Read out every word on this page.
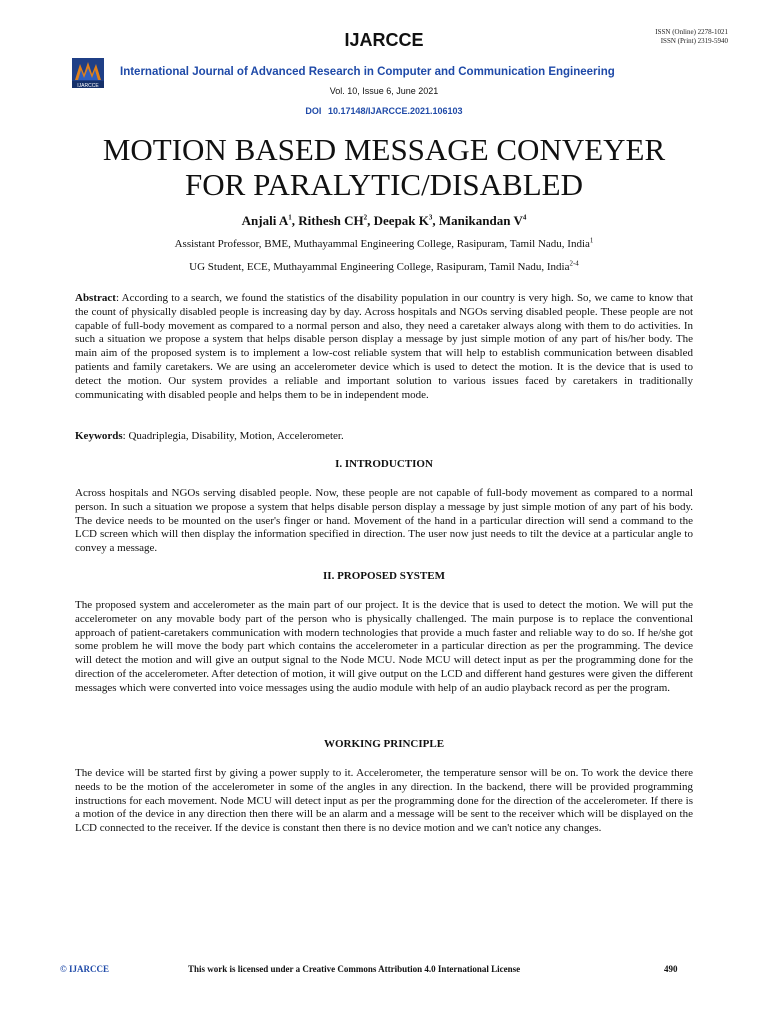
IJARCCE	ISSN (Online) 2278-1021
ISSN (Print) 2319-5940
IJARCCE
International Journal of Advanced Research in Computer and Communication Engineering
Vol. 10, Issue 6, June 2021
DOI 10.17148/IJARCCE.2021.106103
MOTION BASED MESSAGE CONVEYER
FOR PARALYTIC/DISABLED
Anjali $A^1$, Rithesh $CH^2$, Deepak $K^3$, Manikandan $V^4$
Assistant Professor, BME, Muthayammal Engineering College, Rasipuram, Tamil Nadu, India$^1$
UG Student, ECE, Muthayammal Engineering College, Rasipuram, Tamil Nadu, India$^{2-4}$
Abstract: According to a search, we found the statistics of the disability population in our country is very high. So, we came to know that the count of physically disabled people is increasing day by day. Across hospitals and NGOs serving disabled people. These people are not capable of full-body movement as compared to a normal person and also, they need a caretaker always along with them to do activities. In such a situation we propose a system that helps disable person display a message by just simple motion of any part of his/her body. The main aim of the proposed system is to implement a low-cost reliable system that will help to establish communication between disabled patients and family caretakers. We are using an accelerometer device which is used to detect the motion. It is the device that is used to detect the motion. Our system provides a reliable and important solution to various issues faced by caretakers in traditionally communicating with disabled people and helps them to be in independent mode.
Keywords: Quadriplegia, Disability, Motion, Accelerometer.
I. INTRODUCTION
Across hospitals and NGOs serving disabled people. Now, these people are not capable of full-body movement as compared to a normal person. In such a situation we propose a system that helps disable person display a message by just simple motion of any part of his body. The device needs to be mounted on the user's finger or hand. Movement of the hand in a particular direction will send a command to the LCD screen which will then display the information specified in direction. The user now just needs to tilt the device at a particular angle to convey a message.
II. PROPOSED SYSTEM
The proposed system and accelerometer as the main part of our project. It is the device that is used to detect the motion. We will put the accelerometer on any movable body part of the person who is physically challenged. The main purpose is to replace the conventional approach of patient-caretakers communication with modern technologies that provide a much faster and reliable way to do so. If he/she got some problem he will move the body part which contains the accelerometer in a particular direction as per the programming. The device will detect the motion and will give an output signal to the Node MCU. Node MCU will detect input as per the programming done for the direction of the accelerometer. After detection of motion, it will give output on the LCD and different hand gestures were given the different messages which were converted into voice messages using the audio module with help of an audio playback record as per the program.
WORKING PRINCIPLE
The device will be started first by giving a power supply to it. Accelerometer, the temperature sensor will be on. To work the device there needs to be the motion of the accelerometer in some of the angles in any direction. In the backend, there will be provided programming instructions for each movement. Node MCU will detect input as per the programming done for the direction of the accelerometer. If there is a motion of the device in any direction then there will be an alarm and a message will be sent to the receiver which will be displayed on the LCD connected to the receiver. If the device is constant then there is no device motion and we can't notice any changes.
© IJARCCE	This work is licensed under a Creative Commons Attribution 4.0 International License	490
